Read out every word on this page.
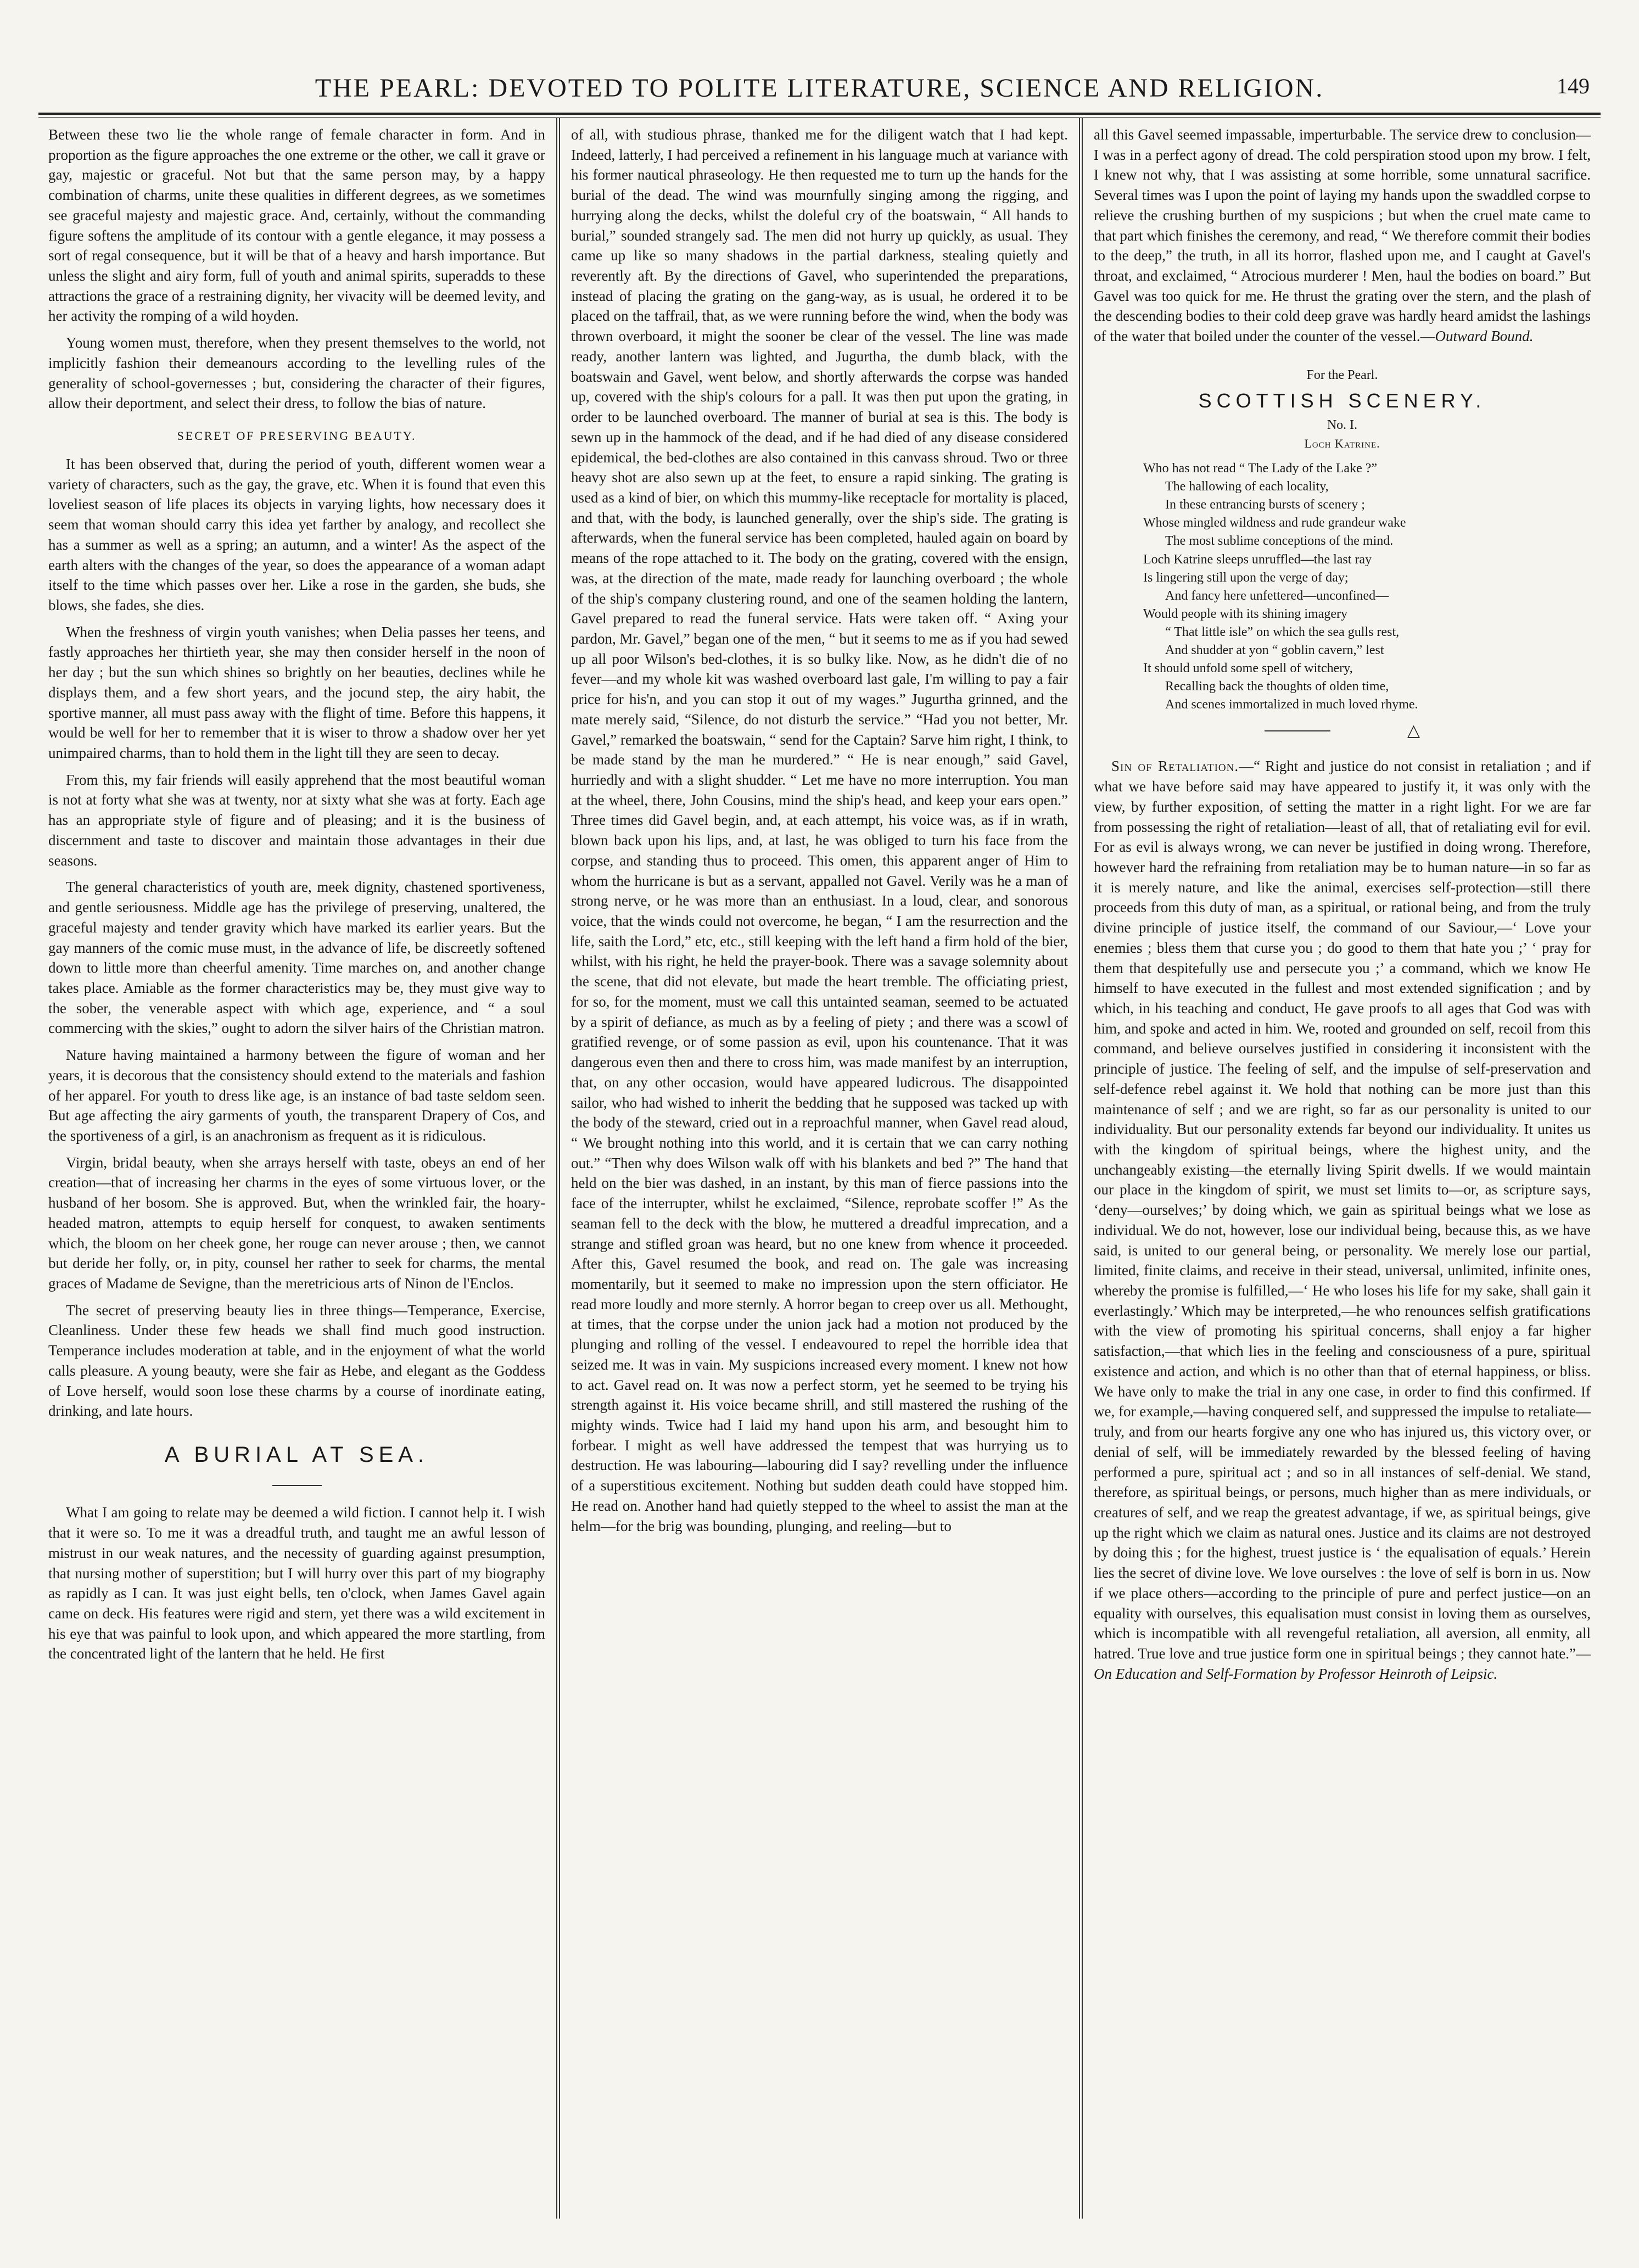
THE PEARL: DEVOTED TO POLITE LITERATURE, SCIENCE AND RELIGION.	149

Between these two lie the whole range of female character in form. And in proportion as the figure approaches the one extreme or the other, we call it grave or gay, majestic or graceful. Not but that the same person may, by a happy combination of charms, unite these qualities in different degrees, as we sometimes see graceful majesty and majestic grace. And, certainly, without the commanding figure softens the amplitude of its contour with a gentle elegance, it may possess a sort of regal consequence, but it will be that of a heavy and harsh importance. But unless the slight and airy form, full of youth and animal spirits, superadds to these attractions the grace of a restraining dignity, her vivacity will be deemed levity, and her activity the romping of a wild hoyden.

Young women must, therefore, when they present themselves to the world, not implicitly fashion their demeanours according to the levelling rules of the generality of school-governesses ; but, considering the character of their figures, allow their deportment, and select their dress, to follow the bias of nature.

SECRET OF PRESERVING BEAUTY.

It has been observed that, during the period of youth, different women wear a variety of characters, such as the gay, the grave, etc. When it is found that even this loveliest season of life places its objects in varying lights, how necessary does it seem that woman should carry this idea yet farther by analogy, and recollect she has a summer as well as a spring; an autumn, and a winter! As the aspect of the earth alters with the changes of the year, so does the appearance of a woman adapt itself to the time which passes over her. Like a rose in the garden, she buds, she blows, she fades, she dies.

When the freshness of virgin youth vanishes; when Delia passes her teens, and fastly approaches her thirtieth year, she may then consider herself in the noon of her day ; but the sun which shines so brightly on her beauties, declines while he displays them, and a few short years, and the jocund step, the airy habit, the sportive manner, all must pass away with the flight of time. Before this happens, it would be well for her to remember that it is wiser to throw a shadow over her yet unimpaired charms, than to hold them in the light till they are seen to decay.

From this, my fair friends will easily apprehend that the most beautiful woman is not at forty what she was at twenty, nor at sixty what she was at forty. Each age has an appropriate style of figure and of pleasing; and it is the business of discernment and taste to discover and maintain those advantages in their due seasons.

The general characteristics of youth are, meek dignity, chastened sportiveness, and gentle seriousness. Middle age has the privilege of preserving, unaltered, the graceful majesty and tender gravity which have marked its earlier years. But the gay manners of the comic muse must, in the advance of life, be discreetly softened down to little more than cheerful amenity. Time marches on, and another change takes place. Amiable as the former characteristics may be, they must give way to the sober, the venerable aspect with which age, experience, and “ a soul commercing with the skies,” ought to adorn the silver hairs of the Christian matron.

Nature having maintained a harmony between the figure of woman and her years, it is decorous that the consistency should extend to the materials and fashion of her apparel. For youth to dress like age, is an instance of bad taste seldom seen. But age affecting the airy garments of youth, the transparent Drapery of Cos, and the sportiveness of a girl, is an anachronism as frequent as it is ridiculous.

Virgin, bridal beauty, when she arrays herself with taste, obeys an end of her creation—that of increasing her charms in the eyes of some virtuous lover, or the husband of her bosom. She is approved. But, when the wrinkled fair, the hoary-headed matron, attempts to equip herself for conquest, to awaken sentiments which, the bloom on her cheek gone, her rouge can never arouse ; then, we cannot but deride her folly, or, in pity, counsel her rather to seek for charms, the mental graces of Madame de Sevigne, than the meretricious arts of Ninon de l'Enclos.

The secret of preserving beauty lies in three things—Temperance, Exercise, Cleanliness. Under these few heads we shall find much good instruction. Temperance includes moderation at table, and in the enjoyment of what the world calls pleasure. A young beauty, were she fair as Hebe, and elegant as the Goddess of Love herself, would soon lose these charms by a course of inordinate eating, drinking, and late hours.

A BURIAL AT SEA.

What I am going to relate may be deemed a wild fiction. I cannot help it. I wish that it were so. To me it was a dreadful truth, and taught me an awful lesson of mistrust in our weak natures, and the necessity of guarding against presumption, that nursing mother of superstition; but I will hurry over this part of my biography as rapidly as I can. It was just eight bells, ten o'clock, when James Gavel again came on deck. His features were rigid and stern, yet there was a wild excitement in his eye that was painful to look upon, and which appeared the more startling, from the concentrated light of the lantern that he held. He first

of all, with studious phrase, thanked me for the diligent watch that I had kept. Indeed, latterly, I had perceived a refinement in his language much at variance with his former nautical phraseology. He then requested me to turn up the hands for the burial of the dead. The wind was mournfully singing among the rigging, and hurrying along the decks, whilst the doleful cry of the boatswain, “ All hands to burial,” sounded strangely sad. The men did not hurry up quickly, as usual. They came up like so many shadows in the partial darkness, stealing quietly and reverently aft. By the directions of Gavel, who superintended the preparations, instead of placing the grating on the gang-way, as is usual, he ordered it to be placed on the taffrail, that, as we were running before the wind, when the body was thrown overboard, it might the sooner be clear of the vessel. The line was made ready, another lantern was lighted, and Jugurtha, the dumb black, with the boatswain and Gavel, went below, and shortly afterwards the corpse was handed up, covered with the ship's colours for a pall. It was then put upon the grating, in order to be launched overboard. The manner of burial at sea is this. The body is sewn up in the hammock of the dead, and if he had died of any disease considered epidemical, the bed-clothes are also contained in this canvass shroud. Two or three heavy shot are also sewn up at the feet, to ensure a rapid sinking. The grating is used as a kind of bier, on which this mummy-like receptacle for mortality is placed, and that, with the body, is launched generally, over the ship's side. The grating is afterwards, when the funeral service has been completed, hauled again on board by means of the rope attached to it. The body on the grating, covered with the ensign, was, at the direction of the mate, made ready for launching overboard ; the whole of the ship's company clustering round, and one of the seamen holding the lantern, Gavel prepared to read the funeral service. Hats were taken off. “ Axing your pardon, Mr. Gavel,” began one of the men, “ but it seems to me as if you had sewed up all poor Wilson's bed-clothes, it is so bulky like. Now, as he didn't die of no fever—and my whole kit was washed overboard last gale, I'm willing to pay a fair price for his'n, and you can stop it out of my wages.” Jugurtha grinned, and the mate merely said, “Silence, do not disturb the service.” “Had you not better, Mr. Gavel,” remarked the boatswain, “ send for the Captain? Sarve him right, I think, to be made stand by the man he murdered.” “ He is near enough,” said Gavel, hurriedly and with a slight shudder. “ Let me have no more interruption. You man at the wheel, there, John Cousins, mind the ship's head, and keep your ears open.” Three times did Gavel begin, and, at each attempt, his voice was, as if in wrath, blown back upon his lips, and, at last, he was obliged to turn his face from the corpse, and standing thus to proceed. This omen, this apparent anger of Him to whom the hurricane is but as a servant, appalled not Gavel. Verily was he a man of strong nerve, or he was more than an enthusiast. In a loud, clear, and sonorous voice, that the winds could not overcome, he began, “ I am the resurrection and the life, saith the Lord,” etc, etc., still keeping with the left hand a firm hold of the bier, whilst, with his right, he held the prayer-book. There was a savage solemnity about the scene, that did not elevate, but made the heart tremble. The officiating priest, for so, for the moment, must we call this untainted seaman, seemed to be actuated by a spirit of defiance, as much as by a feeling of piety ; and there was a scowl of gratified revenge, or of some passion as evil, upon his countenance. That it was dangerous even then and there to cross him, was made manifest by an interruption, that, on any other occasion, would have appeared ludicrous. The disappointed sailor, who had wished to inherit the bedding that he supposed was tacked up with the body of the steward, cried out in a reproachful manner, when Gavel read aloud, “ We brought nothing into this world, and it is certain that we can carry nothing out.” “Then why does Wilson walk off with his blankets and bed ?” The hand that held on the bier was dashed, in an instant, by this man of fierce passions into the face of the interrupter, whilst he exclaimed, “Silence, reprobate scoffer !” As the seaman fell to the deck with the blow, he muttered a dreadful imprecation, and a strange and stifled groan was heard, but no one knew from whence it proceeded. After this, Gavel resumed the book, and read on. The gale was increasing momentarily, but it seemed to make no impression upon the stern officiator. He read more loudly and more sternly. A horror began to creep over us all. Methought, at times, that the corpse under the union jack had a motion not produced by the plunging and rolling of the vessel. I endeavoured to repel the horrible idea that seized me. It was in vain. My suspicions increased every moment. I knew not how to act. Gavel read on. It was now a perfect storm, yet he seemed to be trying his strength against it. His voice became shrill, and still mastered the rushing of the mighty winds. Twice had I laid my hand upon his arm, and besought him to forbear. I might as well have addressed the tempest that was hurrying us to destruction. He was labouring—labouring did I say? revelling under the influence of a superstitious excitement. Nothing but sudden death could have stopped him. He read on. Another hand had quietly stepped to the wheel to assist the man at the helm—for the brig was bounding, plunging, and reeling—but to

all this Gavel seemed impassable, imperturbable. The service drew to conclusion—I was in a perfect agony of dread. The cold perspiration stood upon my brow. I felt, I knew not why, that I was assisting at some horrible, some unnatural sacrifice. Several times was I upon the point of laying my hands upon the swaddled corpse to relieve the crushing burthen of my suspicions ; but when the cruel mate came to that part which finishes the ceremony, and read, “ We therefore commit their bodies to the deep,” the truth, in all its horror, flashed upon me, and I caught at Gavel's throat, and exclaimed, “ Atrocious murderer ! Men, haul the bodies on board.” But Gavel was too quick for me. He thrust the grating over the stern, and the plash of the descending bodies to their cold deep grave was hardly heard amidst the lashings of the water that boiled under the counter of the vessel.—Outward Bound.

For the Pearl.
SCOTTISH SCENERY.
No. I.
Loch Katrine.
Who has not read “ The Lady of the Lake ?”
The hallowing of each locality,
In these entrancing bursts of scenery ;
Whose mingled wildness and rude grandeur wake
The most sublime conceptions of the mind.
Loch Katrine sleeps unruffled—the last ray
Is lingering still upon the verge of day;
And fancy here unfettered—unconfined—
Would people with its shining imagery
“ That little isle” on which the sea gulls rest,
And shudder at yon “ goblin cavern,” lest
It should unfold some spell of witchery,
Recalling back the thoughts of olden time,
And scenes immortalized in much loved rhyme.
△

Sin of Retaliation.—“ Right and justice do not consist in retaliation ; and if what we have before said may have appeared to justify it, it was only with the view, by further exposition, of setting the matter in a right light. For we are far from possessing the right of retaliation—least of all, that of retaliating evil for evil. For as evil is always wrong, we can never be justified in doing wrong. Therefore, however hard the refraining from retaliation may be to human nature—in so far as it is merely nature, and like the animal, exercises self-protection—still there proceeds from this duty of man, as a spiritual, or rational being, and from the truly divine principle of justice itself, the command of our Saviour,—‘ Love your enemies ; bless them that curse you ; do good to them that hate you ;’ ‘ pray for them that despitefully use and persecute you ;’ a command, which we know He himself to have executed in the fullest and most extended signification ; and by which, in his teaching and conduct, He gave proofs to all ages that God was with him, and spoke and acted in him. We, rooted and grounded on self, recoil from this command, and believe ourselves justified in considering it inconsistent with the principle of justice. The feeling of self, and the impulse of self-preservation and self-defence rebel against it. We hold that nothing can be more just than this maintenance of self ; and we are right, so far as our personality is united to our individuality. But our personality extends far beyond our individuality. It unites us with the kingdom of spiritual beings, where the highest unity, and the unchangeably existing—the eternally living Spirit dwells. If we would maintain our place in the kingdom of spirit, we must set limits to—or, as scripture says, ‘deny—ourselves;’ by doing which, we gain as spiritual beings what we lose as individual. We do not, however, lose our individual being, because this, as we have said, is united to our general being, or personality. We merely lose our partial, limited, finite claims, and receive in their stead, universal, unlimited, infinite ones, whereby the promise is fulfilled,—‘ He who loses his life for my sake, shall gain it everlastingly.’ Which may be interpreted,—he who renounces selfish gratifications with the view of promoting his spiritual concerns, shall enjoy a far higher satisfaction,—that which lies in the feeling and consciousness of a pure, spiritual existence and action, and which is no other than that of eternal happiness, or bliss. We have only to make the trial in any one case, in order to find this confirmed. If we, for example,—having conquered self, and suppressed the impulse to retaliate—truly, and from our hearts forgive any one who has injured us, this victory over, or denial of self, will be immediately rewarded by the blessed feeling of having performed a pure, spiritual act ; and so in all instances of self-denial. We stand, therefore, as spiritual beings, or persons, much higher than as mere individuals, or creatures of self, and we reap the greatest advantage, if we, as spiritual beings, give up the right which we claim as natural ones. Justice and its claims are not destroyed by doing this ; for the highest, truest justice is ‘ the equalisation of equals.’ Herein lies the secret of divine love. We love ourselves : the love of self is born in us. Now if we place others—according to the principle of pure and perfect justice—on an equality with ourselves, this equalisation must consist in loving them as ourselves, which is incompatible with all revengeful retaliation, all aversion, all enmity, all hatred. True love and true justice form one in spiritual beings ; they cannot hate.”—On Education and Self-Formation by Professor Heinroth of Leipsic.
